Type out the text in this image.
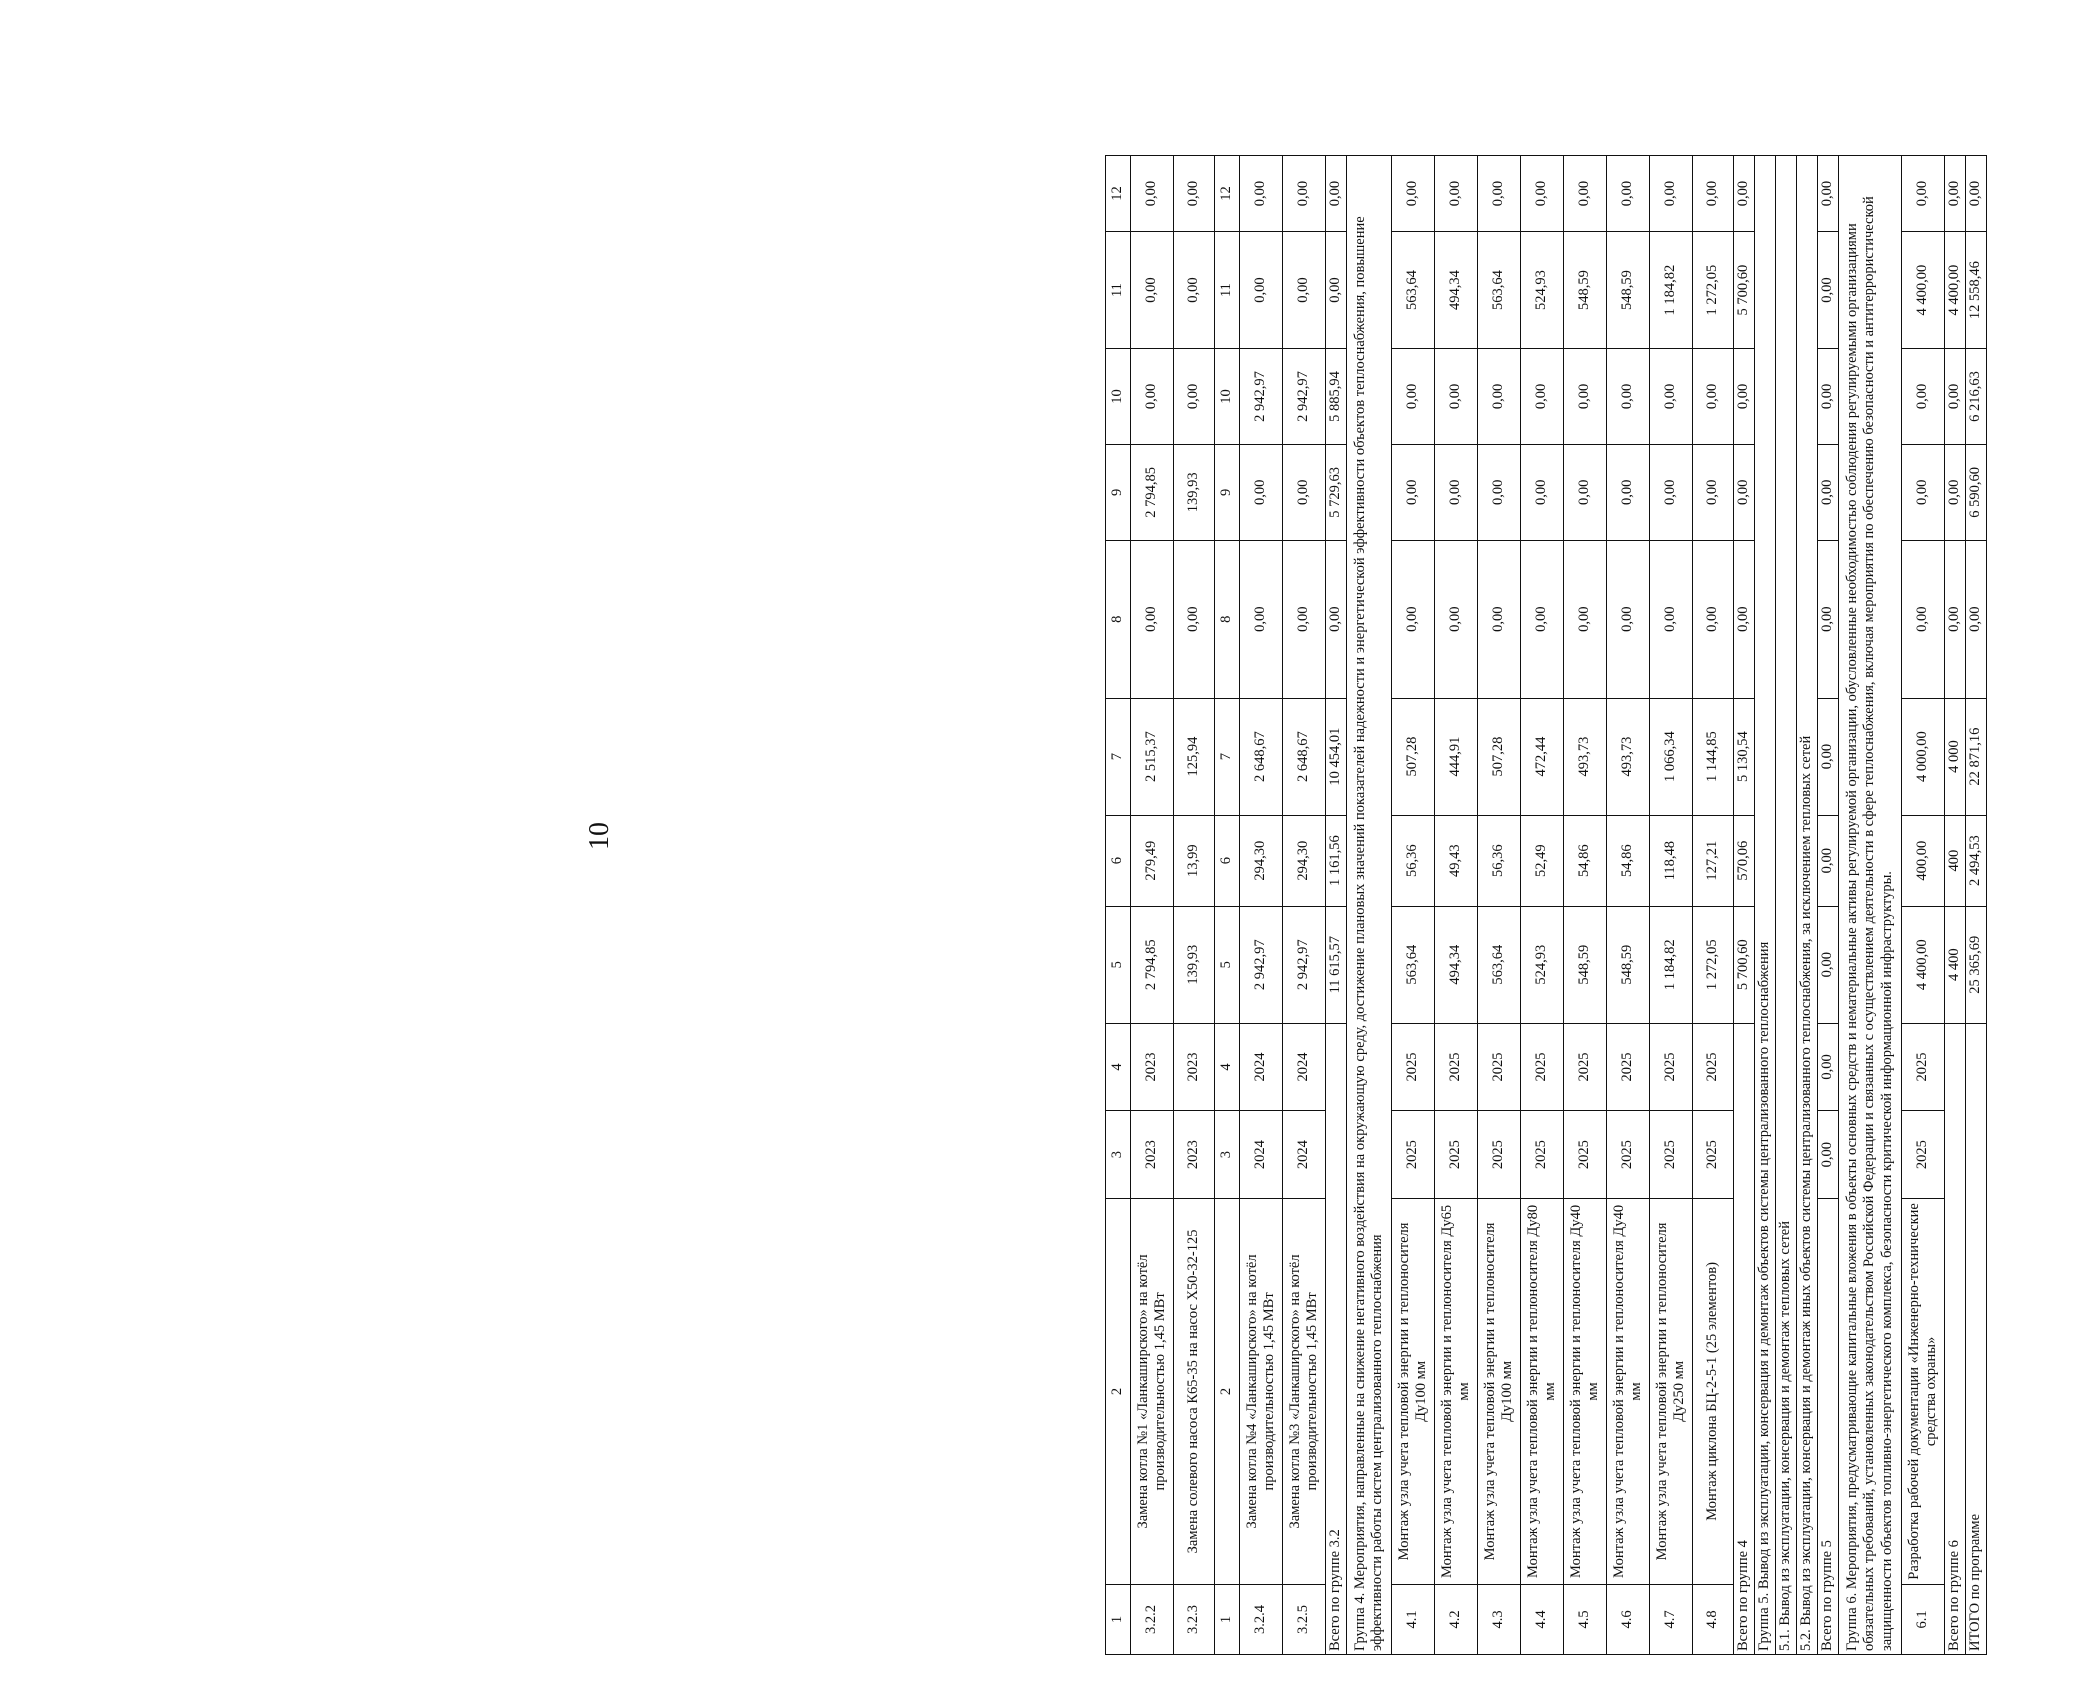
10
1	2	3	4	5	6	7	8	9	10	11	12
3.2.2	Замена котла №1 «Ланкаширского» на котёл производительностью 1,45 МВт	2023	2023	2 794,85	279,49	2 515,37	0,00	2 794,85	0,00	0,00	0,00
3.2.3	Замена солевого насоса К65-35 на насос Х50-32-125	2023	2023	139,93	13,99	125,94	0,00	139,93	0,00	0,00	0,00
1	2	3	4	5	6	7	8	9	10	11	12
3.2.4	Замена котла №4 «Ланкаширского» на котёл производительностью 1,45 МВт	2024	2024	2 942,97	294,30	2 648,67	0,00	0,00	2 942,97	0,00	0,00
3.2.5	Замена котла №3 «Ланкаширского» на котёл производительностью 1,45 МВт	2024	2024	2 942,97	294,30	2 648,67	0,00	0,00	2 942,97	0,00	0,00
Всего по группе 3.2				11 615,57	1 161,56	10 454,01	0,00	5 729,63	5 885,94	0,00	0,00
Группа 4. Мероприятия, направленные на снижение негативного воздействия на окружающую среду, достижение плановых значений показателей надежности и энергетической эффективности объектов теплоснабжения, повышение эффективности работы систем централизованного теплоснабжения											
4.1	Монтаж узла учета тепловой энергии и теплоносителя Ду100 мм	2025	2025	563,64	56,36	507,28	0,00	0,00	0,00	563,64	0,00
4.2	Монтаж узла учета тепловой энергии и теплоносителя Ду65 мм	2025	2025	494,34	49,43	444,91	0,00	0,00	0,00	494,34	0,00
4.3	Монтаж узла учета тепловой энергии и теплоносителя Ду100 мм	2025	2025	563,64	56,36	507,28	0,00	0,00	0,00	563,64	0,00
4.4	Монтаж узла учета тепловой энергии и теплоносителя Ду80 мм	2025	2025	524,93	52,49	472,44	0,00	0,00	0,00	524,93	0,00
4.5	Монтаж узла учета тепловой энергии и теплоносителя Ду40 мм	2025	2025	548,59	54,86	493,73	0,00	0,00	0,00	548,59	0,00
4.6	Монтаж узла учета тепловой энергии и теплоносителя Ду40 мм	2025	2025	548,59	54,86	493,73	0,00	0,00	0,00	548,59	0,00
4.7	Монтаж узла учета тепловой энергии и теплоносителя Ду250 мм	2025	2025	1 184,82	118,48	1 066,34	0,00	0,00	0,00	1 184,82	0,00
4.8	Монтаж циклона БЦ-2-5-1 (25 элементов)	2025	2025	1 272,05	127,21	1 144,85	0,00	0,00	0,00	1 272,05	0,00
Всего по группе 4				5 700,60	570,06	5 130,54	0,00	0,00	0,00	5 700,60	0,00
Группа 5. Вывод из эксплуатации, консервация и демонтаж объектов системы централизованного теплоснабжения											
5.1. Вывод из эксплуатации, консервация и демонтаж тепловых сетей											
5.2. Вывод из эксплуатации, консервация и демонтаж иных объектов системы централизованного теплоснабжения, за исключением тепловых сетей											
Всего по группе 5		0,00	0,00	0,00	0,00	0,00	0,00	0,00	0,00	0,00	0,00
Группа 6. Мероприятия, предусматривающие капитальные вложения в объекты основных средств и нематериальные активы регулируемой организации, обусловленные необходимостью соблюдения регулируемыми организациями обязательных требований, установленных законодательством Российской Федерации и связанных с осуществлением деятельности в сфере теплоснабжения, включая мероприятия по обеспечению безопасности и антитеррористической защищенности объектов топливно-энергетического комплекса, безопасности критической информационной инфраструктуры.											
6.1	Разработка рабочей документации «Инженерно-технические средства охраны»	2025	2025	4 400,00	400,00	4 000,00	0,00	0,00	0,00	4 400,00	0,00
Всего по группе 6				4 400	400	4 000	0,00	0,00	0,00	4 400,00	0,00
ИТОГО по программе				25 365,69	2 494,53	22 871,16	0,00	6 590,60	6 216,63	12 558,46	0,00
